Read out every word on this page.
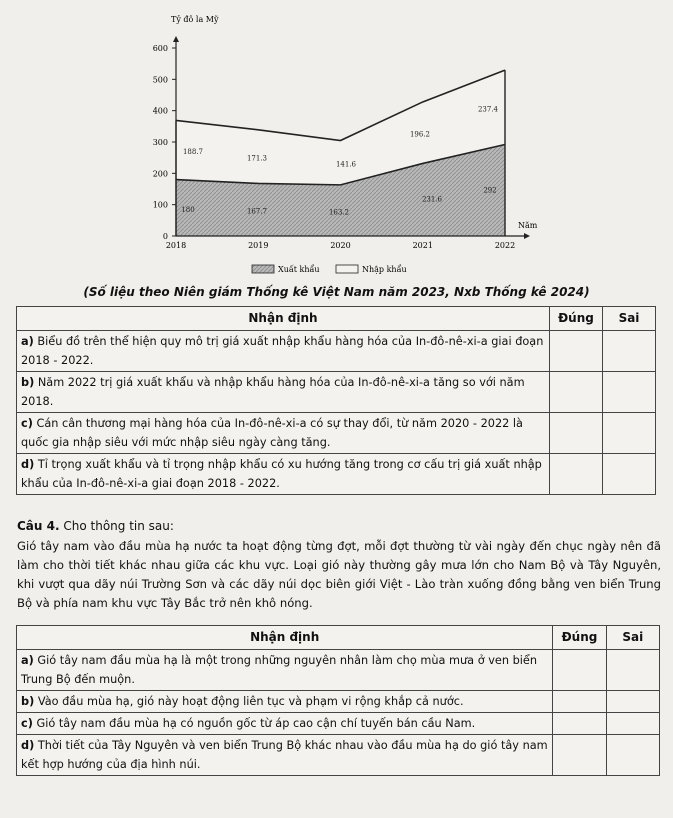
0
100
200
300
400
500
600
2018	2019	2020	2021	2022
Tỷ đô la Mỹ
Năm
180	167.7	163.2
231.6
292
188.7
171.3
141.6
196.2
237.4
Xuất khẩu	Nhập khẩu
(Số liệu theo Niên giám Thống kê Việt Nam năm 2023, Nxb Thống kê 2024)
Nhận định	Đúng	Sai
a) Biểu đồ trên thể hiện quy mô trị giá xuất nhập khẩu hàng hóa của In-đô-nê-xi-a giai đoạn 2018 - 2022.		
b) Năm 2022 trị giá xuất khẩu và nhập khẩu hàng hóa của In-đô-nê-xi-a tăng so với năm 2018.		
c) Cán cân thương mại hàng hóa của In-đô-nê-xi-a có sự thay đổi, từ năm 2020 - 2022 là quốc gia nhập siêu với mức nhập siêu ngày càng tăng.		
d) Tỉ trọng xuất khẩu và tỉ trọng nhập khẩu có xu hướng tăng trong cơ cấu trị giá xuất nhập khẩu của In-đô-nê-xi-a giai đoạn 2018 - 2022.		
Câu 4. Cho thông tin sau:
Gió tây nam vào đầu mùa hạ nước ta hoạt động từng đợt, mỗi đợt thường từ vài ngày đến chục ngày nên đã làm cho thời tiết khác nhau giữa các khu vực. Loại gió này thường gây mưa lớn cho Nam Bộ và Tây Nguyên, khi vượt qua dãy núi Trường Sơn và các dãy núi dọc biên giới Việt - Lào tràn xuống đồng bằng ven biển Trung Bộ và phía nam khu vực Tây Bắc trở nên khô nóng.
Nhận định	Đúng	Sai
a) Gió tây nam đầu mùa hạ là một trong những nguyên nhân làm chọ mùa mưa ở ven biển Trung Bộ đến muộn.		
b) Vào đầu mùa hạ, gió này hoạt động liên tục và phạm vi rộng khắp cả nước.		
c) Gió tây nam đầu mùa hạ có nguồn gốc từ áp cao cận chí tuyến bán cầu Nam.		
d) Thời tiết của Tây Nguyên và ven biển Trung Bộ khác nhau vào đầu mùa hạ do gió tây nam kết hợp hướng của địa hình núi.		
